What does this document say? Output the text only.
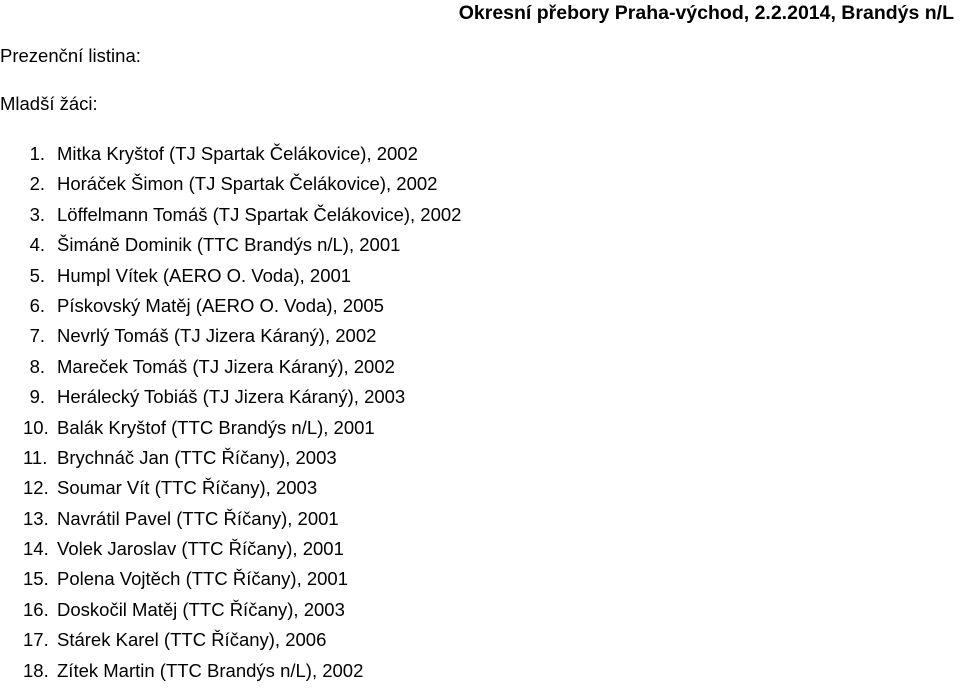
Okresní přebory Praha-východ, 2.2.2014, Brandýs n/L
Prezenční listina:
Mladší žáci:
1. Mitka Kryštof (TJ Spartak Čelákovice), 2002
2. Horáček Šimon (TJ Spartak Čelákovice), 2002
3. Löffelmann Tomáš (TJ Spartak Čelákovice), 2002
4. Šimáně Dominik (TTC Brandýs n/L), 2001
5. Humpl Vítek (AERO O. Voda), 2001
6. Pískovský Matěj (AERO O. Voda), 2005
7. Nevrlý Tomáš (TJ Jizera Káraný), 2002
8. Mareček Tomáš (TJ Jizera Káraný), 2002
9. Herálecký Tobiáš (TJ Jizera Káraný), 2003
10. Balák Kryštof (TTC Brandýs n/L), 2001
11. Brychnáč Jan (TTC Říčany), 2003
12. Soumar Vít (TTC Říčany), 2003
13. Navrátil Pavel (TTC Říčany), 2001
14. Volek Jaroslav (TTC Říčany), 2001
15. Polena Vojtěch (TTC Říčany), 2001
16. Doskočil Matěj (TTC Říčany), 2003
17. Stárek Karel (TTC Říčany), 2006
18. Zítek Martin (TTC Brandýs n/L), 2002
